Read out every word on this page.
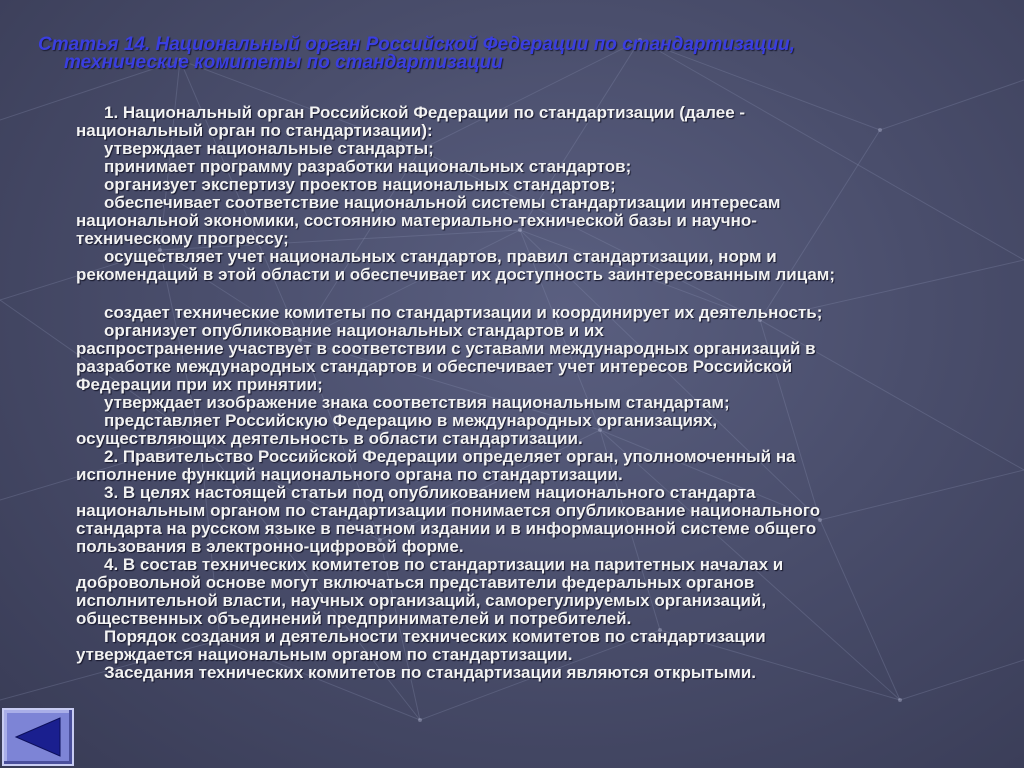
Статья 14. Национальный орган Российской Федерации по стандартизации,
технические комитеты по стандартизации
1. Национальный орган Российской Федерации по стандартизации (далее -
национальный орган по стандартизации):
утверждает национальные стандарты;
принимает программу разработки национальных стандартов;
организует экспертизу проектов национальных стандартов;
обеспечивает соответствие национальной системы стандартизации интересам
национальной экономики, состоянию материально-технической базы и научно-
техническому прогрессу;
осуществляет учет национальных стандартов, правил стандартизации, норм и
рекомендаций в этой области и обеспечивает их доступность заинтересованным лицам;
создает технические комитеты по стандартизации и координирует их деятельность;
организует опубликование национальных стандартов и их
распространение участвует в соответствии с уставами международных организаций в
разработке международных стандартов и обеспечивает учет интересов Российской
Федерации при их принятии;
утверждает изображение знака соответствия национальным стандартам;
представляет Российскую Федерацию в международных организациях,
осуществляющих деятельность в области стандартизации.
2. Правительство Российской Федерации определяет орган, уполномоченный на
исполнение функций национального органа по стандартизации.
3. В целях настоящей статьи под опубликованием национального стандарта
национальным органом по стандартизации понимается опубликование национального
стандарта на русском языке в печатном издании и в информационной системе общего
пользования в электронно-цифровой форме.
4. В состав технических комитетов по стандартизации на паритетных началах и
добровольной основе могут включаться представители федеральных органов
исполнительной власти, научных организаций, саморегулируемых организаций,
общественных объединений предпринимателей и потребителей.
Порядок создания и деятельности технических комитетов по стандартизации
утверждается национальным органом по стандартизации.
Заседания технических комитетов по стандартизации являются открытыми.
